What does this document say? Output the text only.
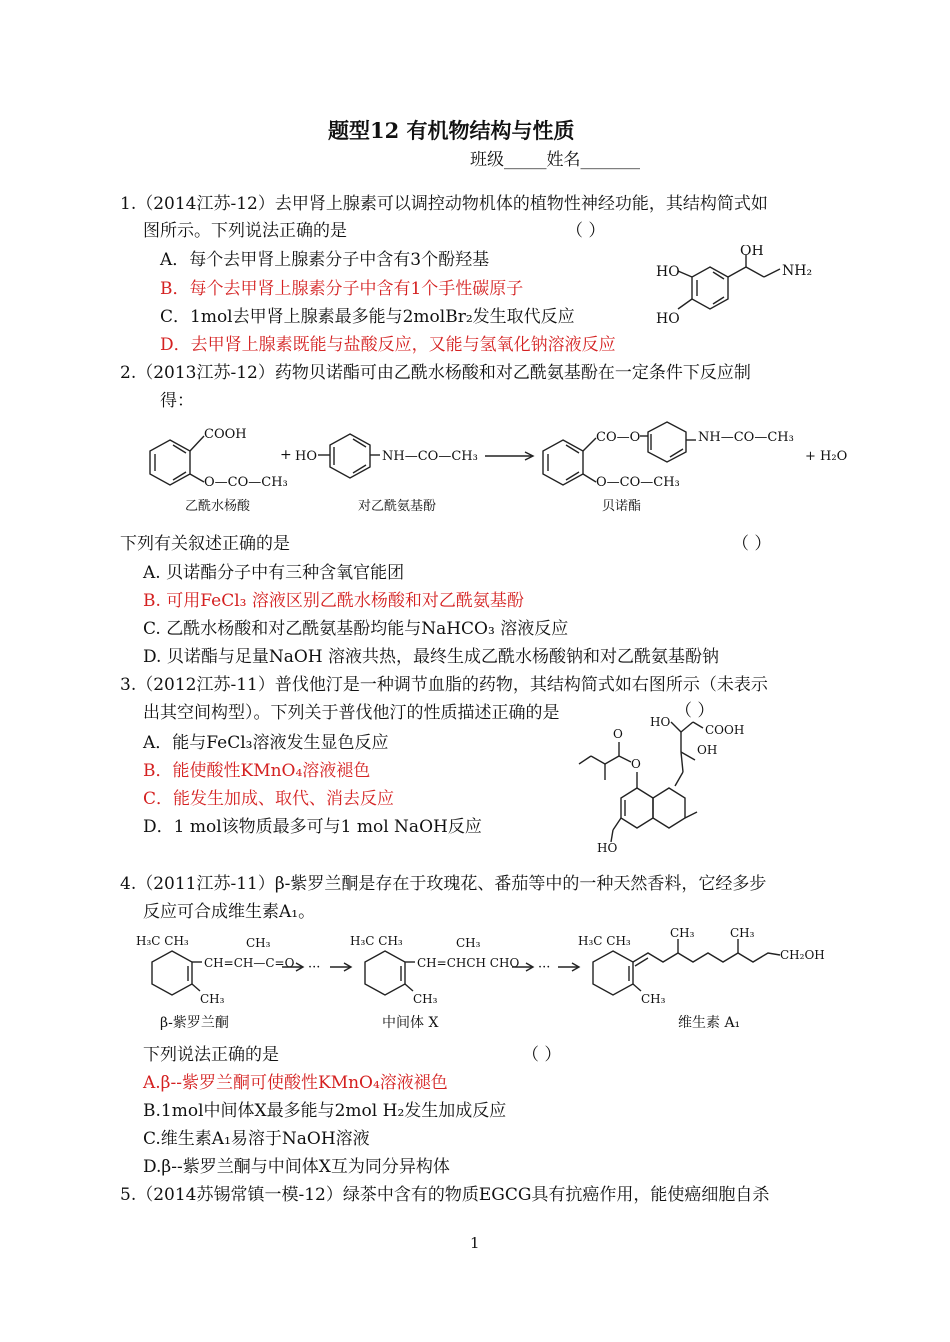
题型12 有机物结构与性质
班级_____姓名_______
1.（2014江苏-12）去甲肾上腺素可以调控动物机体的植物性神经功能，其结构简式如
图所示。下列说法正确的是	（ ）
A．每个去甲肾上腺素分子中含有3个酚羟基
B．每个去甲肾上腺素分子中含有1个手性碳原子
C．1mol去甲肾上腺素最多能与2molBr₂发生取代反应
D．去甲肾上腺素既能与盐酸反应，又能与氢氧化钠溶液反应
OH
NH₂
HO
HO
2.（2013江苏-12）药物贝诺酯可由乙酰水杨酸和对乙酰氨基酚在一定条件下反应制
得：
COOH
O—CO—CH₃
+ HO	NH—CO—CH₃
CO—O	NH—CO—CH₃
O—CO—CH₃
+ H₂O
乙酰水杨酸	对乙酰氨基酚	贝诺酯
下列有关叙述正确的是	（ ）
A. 贝诺酯分子中有三种含氧官能团
B. 可用FeCl₃ 溶液区别乙酰水杨酸和对乙酰氨基酚
C. 乙酰水杨酸和对乙酰氨基酚均能与NaHCO₃ 溶液反应
D. 贝诺酯与足量NaOH 溶液共热，最终生成乙酰水杨酸钠和对乙酰氨基酚钠
3.（2012江苏-11）普伐他汀是一种调节血脂的药物，其结构简式如右图所示（未表示
出其空间构型）。下列关于普伐他汀的性质描述正确的是	（ ）
A．能与FeCl₃溶液发生显色反应
B．能使酸性KMnO₄溶液褪色
C．能发生加成、取代、消去反应
D．1 mol该物质最多可与1 mol NaOH反应
HO
COOH
OH
O
O
HO
4.（2011江苏-11）β-紫罗兰酮是存在于玫瑰花、番茄等中的一种天然香料，它经多步
反应可合成维生素A₁。
H₃C CH₃
CH₃
CH=CH—C=O
CH₃
···
H₃C CH₃
CH₃
CH=CHCH CHO
CH₃
···
H₃C CH₃
CH₃
CH₃	CH₃
CH₂OH
β-紫罗兰酮	中间体 X	维生素 A₁
下列说法正确的是	（ ）
A.β--紫罗兰酮可使酸性KMnO₄溶液褪色
B.1mol中间体X最多能与2mol H₂发生加成反应
C.维生素A₁易溶于NaOH溶液
D.β--紫罗兰酮与中间体X互为同分异构体
5.（2014苏锡常镇一模-12）绿茶中含有的物质EGCG具有抗癌作用，能使癌细胞自杀
1
